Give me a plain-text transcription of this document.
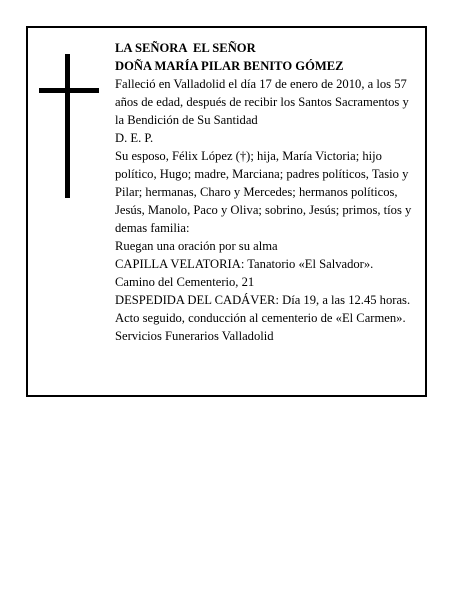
LA SEÑORA  EL SEÑOR

DOÑA MARÍA PILAR BENITO GÓMEZ

Falleció en Valladolid el día 17 de enero de 2010, a los 57 años de edad, después de recibir los Santos Sacramentos y la Bendición de Su Santidad

D. E. P.

Su esposo, Félix López (†); hija, María Victoria; hijo político, Hugo; madre, Marciana; padres políticos, Tasio y Pilar; hermanas, Charo y Mercedes; hermanos políticos, Jesús, Manolo, Paco y Oliva; sobrino, Jesús; primos, tíos y demas familia:

Ruegan una oración por su alma

CAPILLA VELATORIA: Tanatorio «El Salvador».

Camino del Cementerio, 21

DESPEDIDA DEL CADÁVER: Día 19, a las 12.45 horas. Acto seguido, conducción al cementerio de «El Carmen».

Servicios Funerarios Valladolid
